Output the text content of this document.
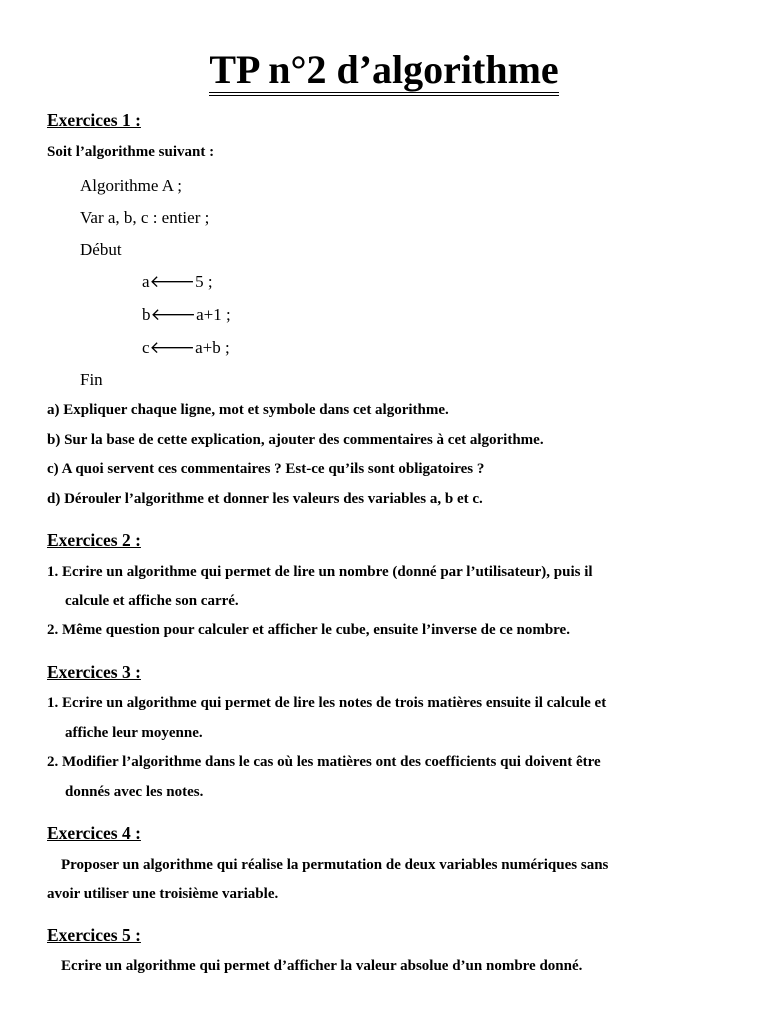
TP n°2 d’algorithme
Exercices 1 :
Soit l’algorithme suivant :
Algorithme A ;
Var a, b, c : entier ;
Début
a🡐5 ;
b🡐a+1 ;
c🡐a+b ;
Fin
a) Expliquer chaque ligne, mot et symbole dans cet algorithme.
b) Sur la base de cette explication, ajouter des commentaires à cet algorithme.
c) A quoi servent ces commentaires ? Est-ce qu’ils sont obligatoires ?
d) Dérouler l’algorithme et donner les valeurs des variables a, b et c.
Exercices 2 :
1. Ecrire un algorithme qui permet de lire un nombre (donné par l’utilisateur), puis il
calcule et affiche son carré.
2. Même question pour calculer et afficher le cube, ensuite l’inverse de ce nombre.
Exercices 3 :
1. Ecrire un algorithme qui permet de lire les notes de trois matières ensuite il calcule et
affiche leur moyenne.
2. Modifier l’algorithme dans le cas où les matières ont des coefficients qui doivent être
donnés avec les notes.
Exercices 4 :
Proposer un algorithme qui réalise la permutation de deux variables numériques sans
avoir utiliser une troisième variable.
Exercices 5 :
Ecrire un algorithme qui permet d’afficher la valeur absolue d’un nombre donné.
